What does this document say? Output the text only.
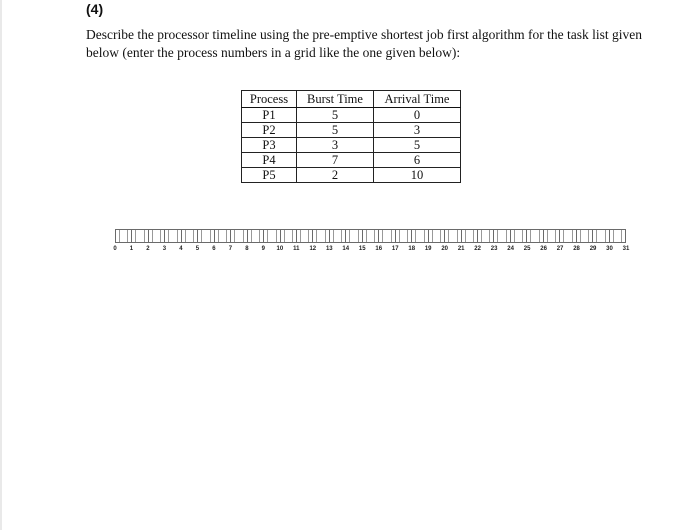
(4)
Describe the processor timeline using the pre-emptive shortest job first algorithm for the task list given below (enter the process numbers in a grid like the one given below):
Process	Burst Time	Arrival Time
P1	5	0
P2	5	3
P3	3	5
P4	7	6
P5	2	10
0 1 2 3 4 5 6 7 8 9 10 11 12 13 14 15 16 17 18 19 20 21 22 23 24 25 26 27 28 29 30 31
